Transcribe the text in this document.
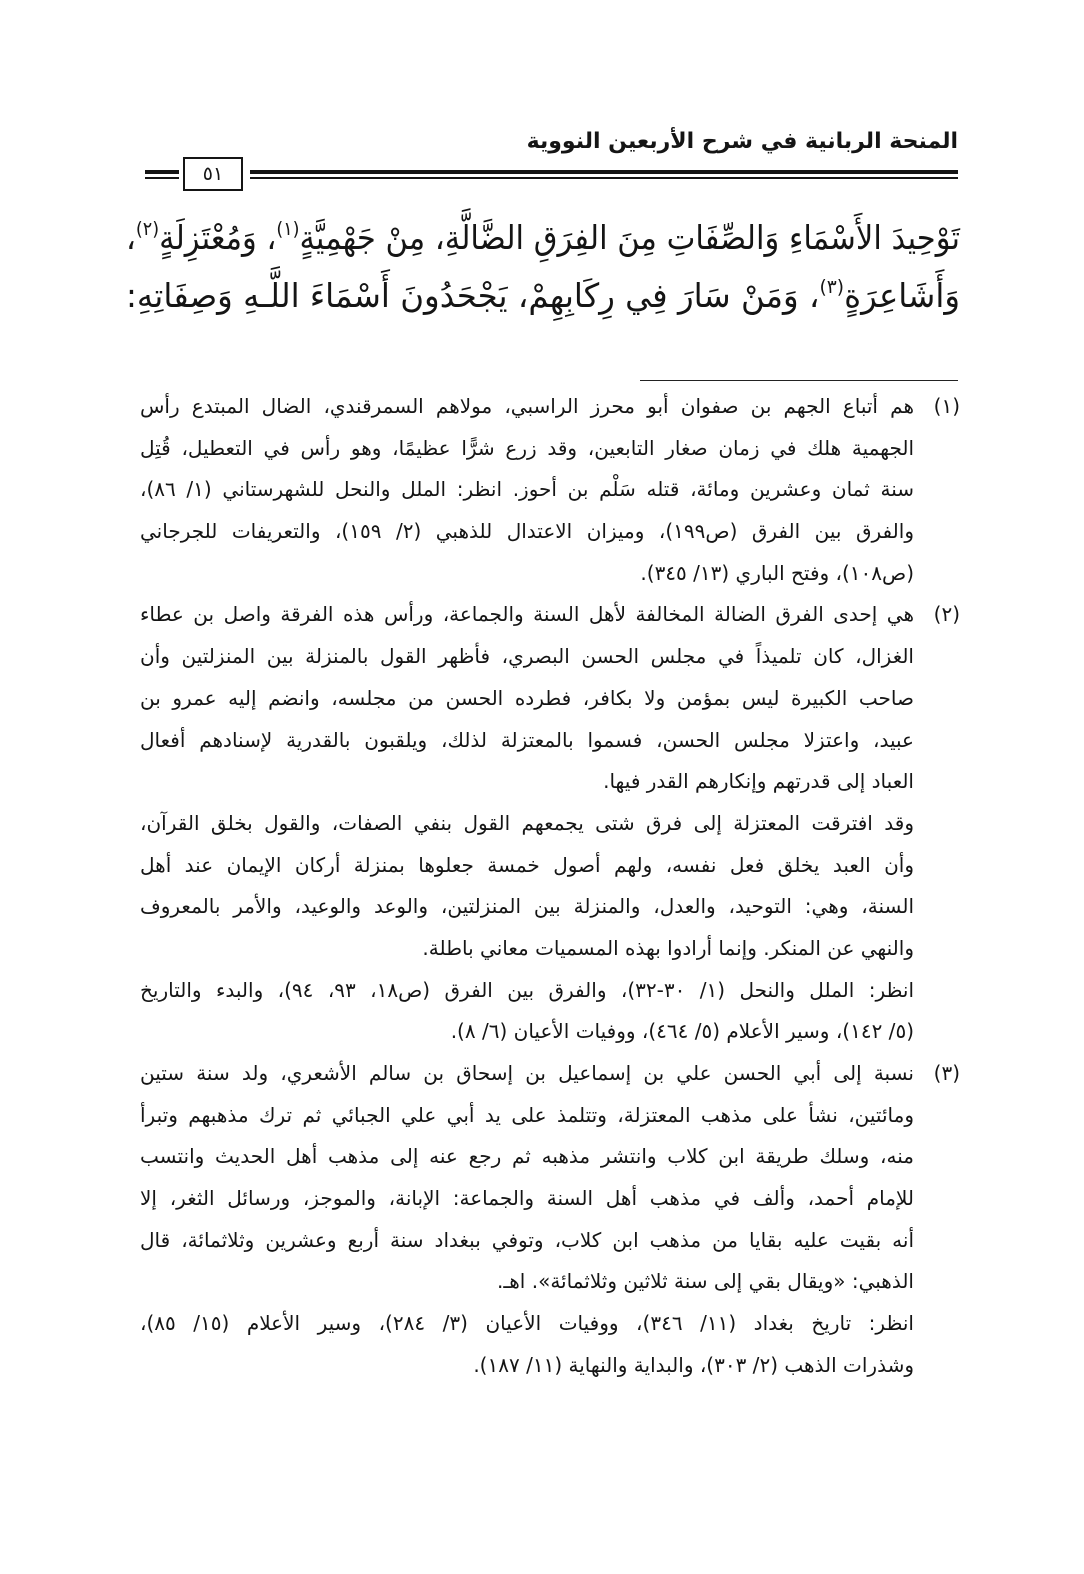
المنحة الربانية في شرح الأربعين النووية
٥١
تَوْحِيدَ الأَسْمَاءِ وَالصِّفَاتِ مِنَ الفِرَقِ الضَّالَّةِ، مِنْ جَهْمِيَّةٍ$^{(١)}$، وَمُعْتَزِلَةٍ$^{(٢)}$،
وَأَشَاعِرَةٍ$^{(٣)}$، وَمَنْ سَارَ فِي رِكَابِهِمْ، يَجْحَدُونَ أَسْمَاءَ اللَّـهِ وَصِفَاتِهِ:
(١)
هم أتباع الجهم بن صفوان أبو محرز الراسبي، مولاهم السمرقندي، الضال المبتدع رأس
الجهمية هلك في زمان صغار التابعين، وقد زرع شرًّا عظيمًا، وهو رأس في التعطيل، قُتِل
سنة ثمان وعشرين ومائة، قتله سَلْم بن أحوز. انظر: الملل والنحل للشهرستاني (١/ ٨٦)،
والفرق بين الفرق (ص١٩٩)، وميزان الاعتدال للذهبي (٢/ ١٥٩)، والتعريفات للجرجاني
(ص١٠٨)، وفتح الباري (١٣/ ٣٤٥).
(٢)
هي إحدى الفرق الضالة المخالفة لأهل السنة والجماعة، ورأس هذه الفرقة واصل بن عطاء
الغزال، كان تلميذاً في مجلس الحسن البصري، فأظهر القول بالمنزلة بين المنزلتين وأن
صاحب الكبيرة ليس بمؤمن ولا بكافر، فطرده الحسن من مجلسه، وانضم إليه عمرو بن
عبيد، واعتزلا مجلس الحسن، فسموا بالمعتزلة لذلك، ويلقبون بالقدرية لإسنادهم أفعال
العباد إلى قدرتهم وإنكارهم القدر فيها.
وقد افترقت المعتزلة إلى فرق شتى يجمعهم القول بنفي الصفات، والقول بخلق القرآن،
وأن العبد يخلق فعل نفسه، ولهم أصول خمسة جعلوها بمنزلة أركان الإيمان عند أهل
السنة، وهي: التوحيد، والعدل، والمنزلة بين المنزلتين، والوعد والوعيد، والأمر بالمعروف
والنهي عن المنكر. وإنما أرادوا بهذه المسميات معاني باطلة.
انظر: الملل والنحل (١/ ٣٠-٣٢)، والفرق بين الفرق (ص١٨، ٩٣، ٩٤)، والبدء والتاريخ
(٥/ ١٤٢)، وسير الأعلام (٥/ ٤٦٤)، ووفيات الأعيان (٦/ ٨).
(٣)
نسبة إلى أبي الحسن علي بن إسماعيل بن إسحاق بن سالم الأشعري، ولد سنة ستين
ومائتين، نشأ على مذهب المعتزلة، وتتلمذ على يد أبي علي الجبائي ثم ترك مذهبهم وتبرأ
منه، وسلك طريقة ابن كلاب وانتشر مذهبه ثم رجع عنه إلى مذهب أهل الحديث وانتسب
للإمام أحمد، وألف في مذهب أهل السنة والجماعة: الإبانة، والموجز، ورسائل الثغر، إلا
أنه بقيت عليه بقايا من مذهب ابن كلاب، وتوفي ببغداد سنة أربع وعشرين وثلاثمائة، قال
الذهبي: «ويقال بقي إلى سنة ثلاثين وثلاثمائة». اهـ.
انظر: تاريخ بغداد (١١/ ٣٤٦)، ووفيات الأعيان (٣/ ٢٨٤)، وسير الأعلام (١٥/ ٨٥)،
وشذرات الذهب (٢/ ٣٠٣)، والبداية والنهاية (١١/ ١٨٧).
